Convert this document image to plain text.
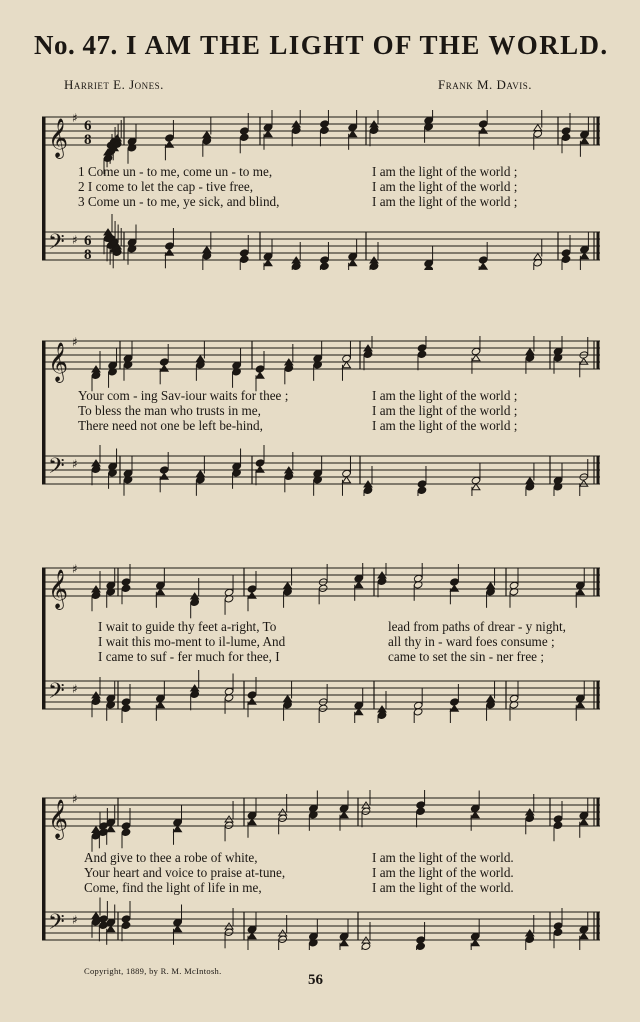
No. 47. I AM THE LIGHT OF THE WORLD.
Harriet E. Jones.	Frank M. Davis.
𝄞 ♯ 6
8
𝄢 ♯ 6
8
1 Come un - to me, come un - to me,	I am the light of the world ;
2 I come to let the cap - tive free,	I am the light of the world ;
3 Come un - to me, ye sick, and blind,	I am the light of the world ;
𝄞 ♯
𝄢 ♯
Your com - ing Sav-iour waits for thee ;	I am the light of the world ;
To bless the man who trusts in me,	I am the light of the world ;
There need not one be left be-hind,	I am the light of the world ;
𝄞 ♯
𝄢 ♯
I wait to guide thy feet a-right, To	lead from paths of drear - y night,
I wait this mo-ment to il-lume, And	all thy in - ward foes consume ;
I came to suf - fer much for thee, I	came to set the sin - ner free ;
𝄞 ♯
𝄢 ♯
And give to thee a robe of white,	I am the light of the world.
Your heart and voice to praise at-tune,	I am the light of the world.
Come, find the light of life in me,	I am the light of the world.
Copyright, 1889, by R. M. McIntosh.
56
